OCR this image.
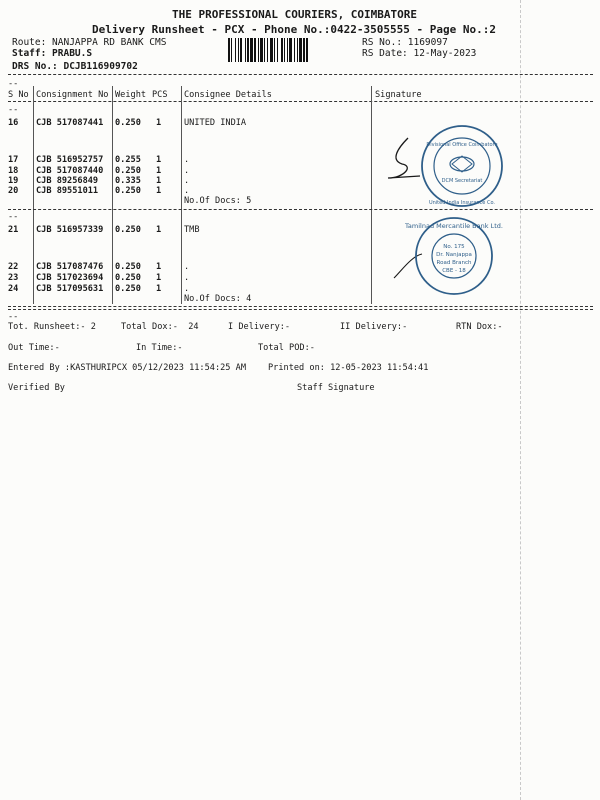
THE PROFESSIONAL COURIERS, COIMBATORE
Delivery Runsheet - PCX - Phone No.:0422-3505555 - Page No.:2
Route: NANJAPPA RD BANK CMS
Staff: PRABU.S
DRS No.: DCJB116909702
RS No.: 1169097
RS Date: 12-May-2023
--
S No Consignment No Weight PCS Consignee Details	Signature
--
16 CJB 517087441 0.250 1	UNITED INDIA
17 CJB 516952757 0.255 1	.
18 CJB 517087440 0.250 1	.
19 CJB 89256849 0.335 1	.
20 CJB 89551011 0.250 1	.
No.Of Docs: 5
--
21 CJB 516957339 0.250 1	TMB
22 CJB 517087476 0.250 1	.
23 CJB 517023694 0.250 1	.
24 CJB 517095631 0.250 1	.
No.Of Docs: 4
--
DCM Secretariat
Divisional Office Coimbatore
United India Insurance Co.
Tamilnad Mercantile Bank Ltd.
No. 175
Dr. Nanjappa
Road Branch
CBE - 18
Tot. Runsheet:- 2	Total Dox:-  24	I Delivery:-	II Delivery:-	RTN Dox:-
Out Time:-	In Time:-	Total POD:-
Entered By :KASTHURIPCX 05/12/2023 11:54:25 AM	Printed on: 12-05-2023 11:54:41
Verified By	Staff Signature
